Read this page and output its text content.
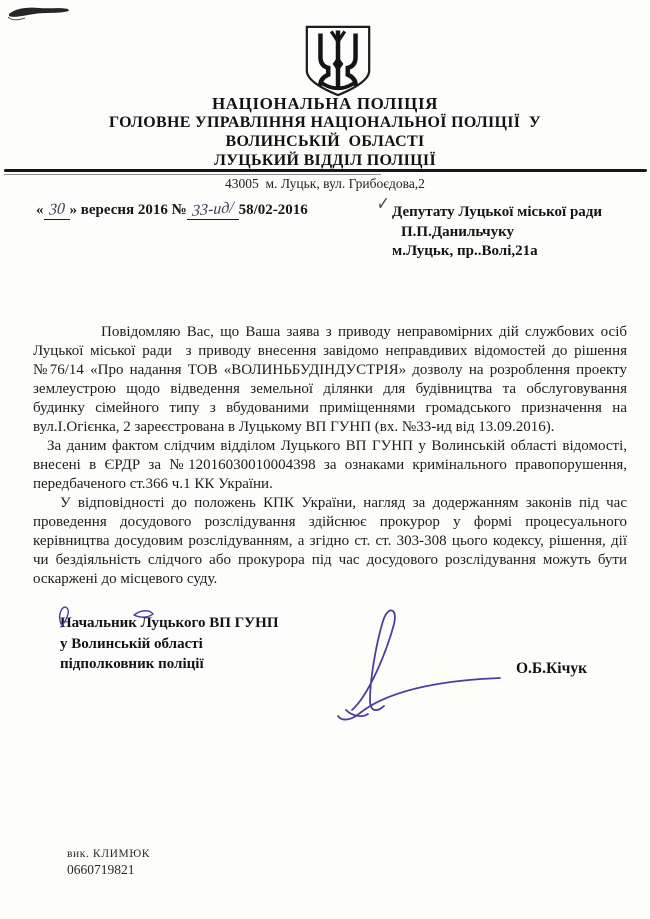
НАЦІОНАЛЬНА ПОЛІЦІЯ
ГОЛОВНЕ УПРАВЛІННЯ НАЦІОНАЛЬНОЇ ПОЛІЦІЇ  У
ВОЛИНСЬКІЙ  ОБЛАСТІ
ЛУЦЬКИЙ ВІДДІЛ ПОЛІЦІЇ
43005  м. Луцьк, вул. Грибоєдова,2
« 30 » вересня 2016 № 33-ид/ 58/02-2016	✓ Депутату Луцької міської ради
П.П.Данильчуку
м.Луцьк, пр..Волі,21а

Повідомляю Вас, що Ваша заява з приводу неправомірних дій службових осіб Луцької міської ради  з приводу внесення завідомо неправдивих відомостей до рішення №76/14 «Про надання ТОВ «ВОЛИНЬБУДІНДУСТРІЯ» дозволу на розроблення проекту землеустрою щодо відведення земельної ділянки для будівництва та обслуговування будинку сімейного типу з вбудованими приміщеннями громадського призначення на вул.І.Огієнка, 2 зареєстрована в Луцькому ВП ГУНП (вх. №33-ид від 13.09.2016).

За даним фактом слідчим відділом Луцького ВП ГУНП у Волинській області відомості, внесені в ЄРДР за №12016030010004398 за ознаками кримінального правопорушення, передбаченого ст.366 ч.1 КК України.

У відповідності до положень КПК України, нагляд за додержанням законів під час проведення досудового розслідування здійснює прокурор у формі процесуального керівництва досудовим розслідуванням, а згідно ст. ст. 303-308 цього кодексу, рішення, дії чи бездіяльність слідчого або прокурора під час досудового розслідування можуть бути оскаржені до місцевого суду.

Начальник Луцького ВП ГУНП
у Волинській області
підполковник поліції	О.Б.Кічук
вик. КЛИМЮК
0660719821
